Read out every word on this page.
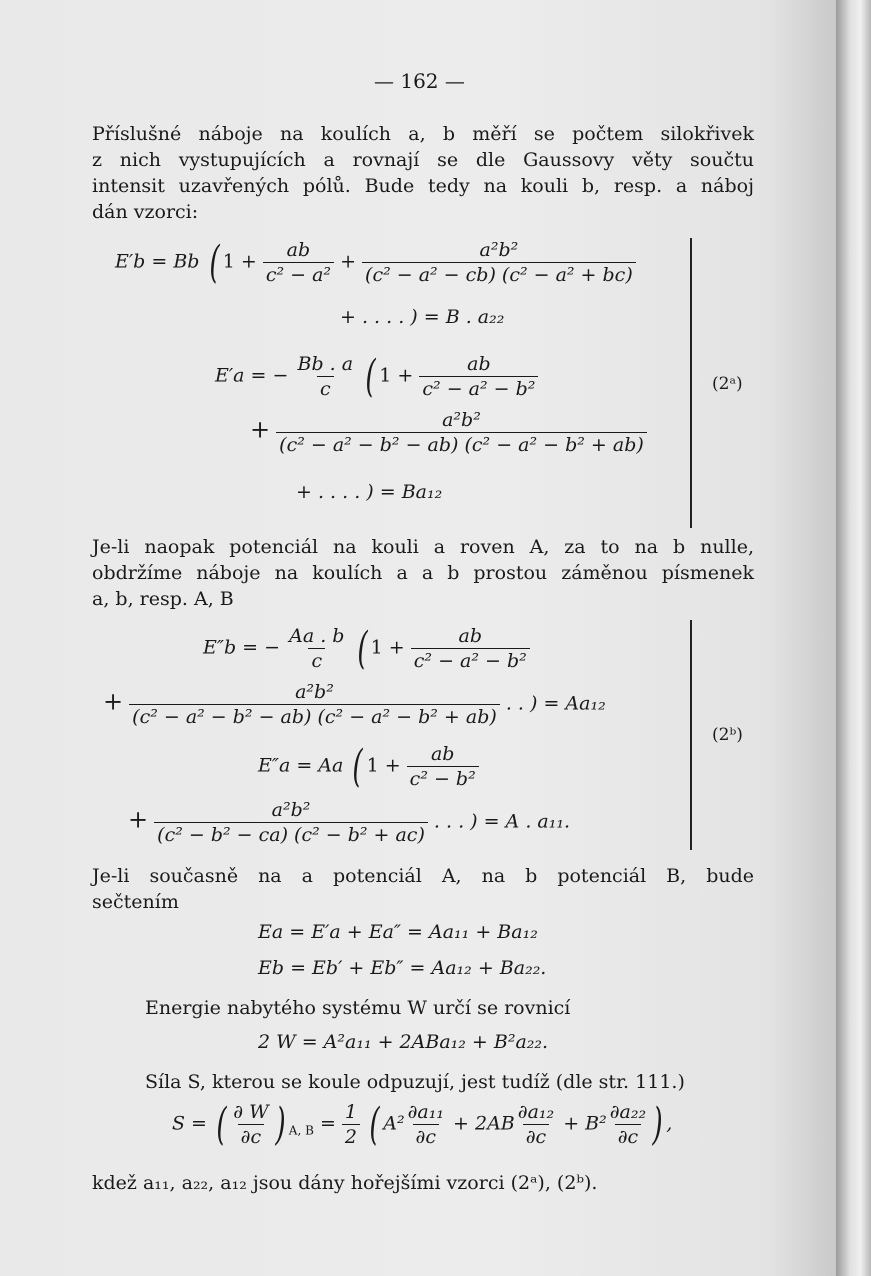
— 162 —
Příslušné náboje na koulích a, b měří se počtem silokřivek
z nich vystupujících a rovnají se dle Gaussovy věty součtu
intensit uzavřených pólů. Bude tedy na kouli b, resp. a náboj
dán vzorci:
E′b = Bb ( $1 + \frac{ab}{\text{c² − a²}} + \frac{\text{a²b²}}{\text{(c² − a² − cb) (c² − a² + bc)}}$
+ . . . . ) = B . a₂₂
E′a = − $\frac{Bb . a}{c}$ ( $1 + \frac{ab}{\text{c² − a² − b²}}$
+ $\frac{\text{a²b²}}{\text{(c² − a² − b² − ab) (c² − a² − b² + ab)}}$
+ . . . . ) = Ba₁₂
(2ᵃ)
Je-li naopak potenciál na kouli a roven A, za to na b nulle,
obdržíme náboje na koulích a a b prostou záměnou písmenek
a, b, resp. A, B
E″b = − $\frac{Aa . b}{c}$ ( $1 + \frac{ab}{\text{c² − a² − b²}}$
+ $\frac{\text{a²b²}}{\text{(c² − a² − b² − ab) (c² − a² − b² + ab)}}$ . . ) = Aa₁₂
E″a = Aa ( $1 + \frac{ab}{\text{c² − b²}}$
+ $\frac{\text{a²b²}}{\text{(c² − b² − ca) (c² − b² + ac)}}$ . . . ) = A . a₁₁.
(2ᵇ)
Je-li současně na a potenciál A, na b potenciál B, bude
sečtením
Ea = E′a + Ea″ = Aa₁₁ + Ba₁₂
Eb = Eb′ + Eb″ = Aa₁₂ + Ba₂₂.
Energie nabytého systému W určí se rovnicí
2 W = A²a₁₁ + 2ABa₁₂ + B²a₂₂.
Síla S, kterou se koule odpuzují, jest tudíž (dle str. 111.)
S = ( $\frac{\partial W}{\partial c}$ ) $_{A, B} = \frac{1}{2}$ ( $A^2 \frac{\text{∂a₁₁}}{\partial c} + 2AB \frac{\text{∂a₁₂}}{\partial c} + B^2 \frac{\text{∂a₂₂}}{\partial c}$ ) ,
kdež a₁₁, a₂₂, a₁₂ jsou dány hořejšími vzorci (2ᵃ), (2ᵇ).
